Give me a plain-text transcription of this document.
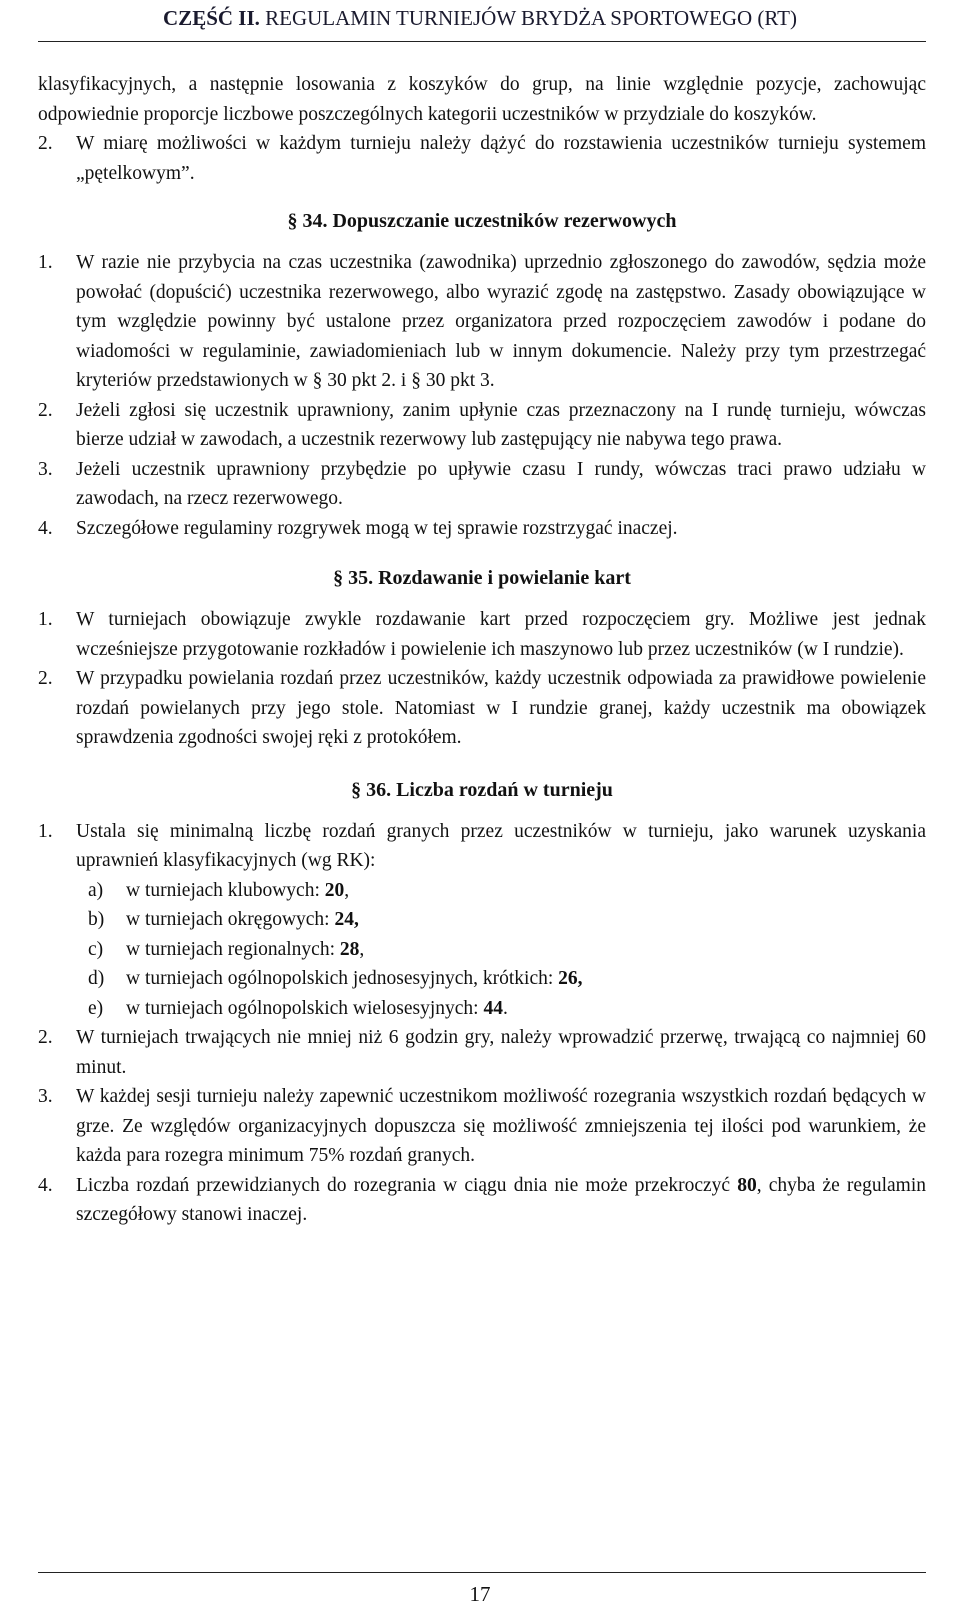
CZĘŚĆ II. REGULAMIN TURNIEJÓW BRYDŻA SPORTOWEGO (RT)

klasyfikacyjnych, a następnie losowania z koszyków do grup, na linie względnie pozycje, zachowując odpowiednie proporcje liczbowe poszczególnych kategorii uczestników w przydziale do koszyków.

2.	W miarę możliwości w każdym turnieju należy dążyć do rozstawienia uczestników turnieju systemem „pętelkowym”.
§ 34. Dopuszczanie uczestników rezerwowych
1.	W razie nie przybycia na czas uczestnika (zawodnika) uprzednio zgłoszonego do zawodów, sędzia może powołać (dopuścić) uczestnika rezerwowego, albo wyrazić zgodę na zastępstwo. Zasady obowiązujące w tym względzie powinny być ustalone przez organizatora przed rozpoczęciem zawodów i podane do wiadomości w regulaminie, zawiadomieniach lub w innym dokumencie. Należy przy tym przestrzegać kryteriów przedstawionych w § 30 pkt 2. i § 30 pkt 3.
2.	Jeżeli zgłosi się uczestnik uprawniony, zanim upłynie czas przeznaczony na I rundę turnieju, wówczas bierze udział w zawodach, a uczestnik rezerwowy lub zastępujący nie nabywa tego prawa.
3.	Jeżeli uczestnik uprawniony przybędzie po upływie czasu I rundy, wówczas traci prawo udziału w zawodach, na rzecz rezerwowego.
4.	Szczegółowe regulaminy rozgrywek mogą w tej sprawie rozstrzygać inaczej.
§ 35. Rozdawanie i powielanie kart
1.	W turniejach obowiązuje zwykle rozdawanie kart przed rozpoczęciem gry. Możliwe jest jednak wcześniejsze przygotowanie rozkładów i powielenie ich maszynowo lub przez uczestników (w I rundzie).
2.	W przypadku powielania rozdań przez uczestników, każdy uczestnik odpowiada za prawidłowe powielenie rozdań powielanych przy jego stole. Natomiast w I rundzie granej, każdy uczestnik ma obowiązek sprawdzenia zgodności swojej ręki z protokółem.
§ 36. Liczba rozdań w turnieju
1.	Ustala się minimalną liczbę rozdań granych przez uczestników w turnieju, jako warunek uzyskania uprawnień klasyfikacyjnych (wg RK):
a)	w turniejach klubowych: 20,
b)	w turniejach okręgowych: 24,
c)	w turniejach regionalnych: 28,
d)	w turniejach ogólnopolskich jednosesyjnych, krótkich: 26,
e)	w turniejach ogólnopolskich wielosesyjnych: 44.
2.	W turniejach trwających nie mniej niż 6 godzin gry, należy wprowadzić przerwę, trwającą co najmniej 60 minut.
3.	W każdej sesji turnieju należy zapewnić uczestnikom możliwość rozegrania wszystkich rozdań będących w grze. Ze względów organizacyjnych dopuszcza się możliwość zmniejszenia tej ilości pod warunkiem, że każda para rozegra minimum 75% rozdań granych.
4.	Liczba rozdań przewidzianych do rozegrania w ciągu dnia nie może przekroczyć 80, chyba że regulamin szczegółowy stanowi inaczej.
17
